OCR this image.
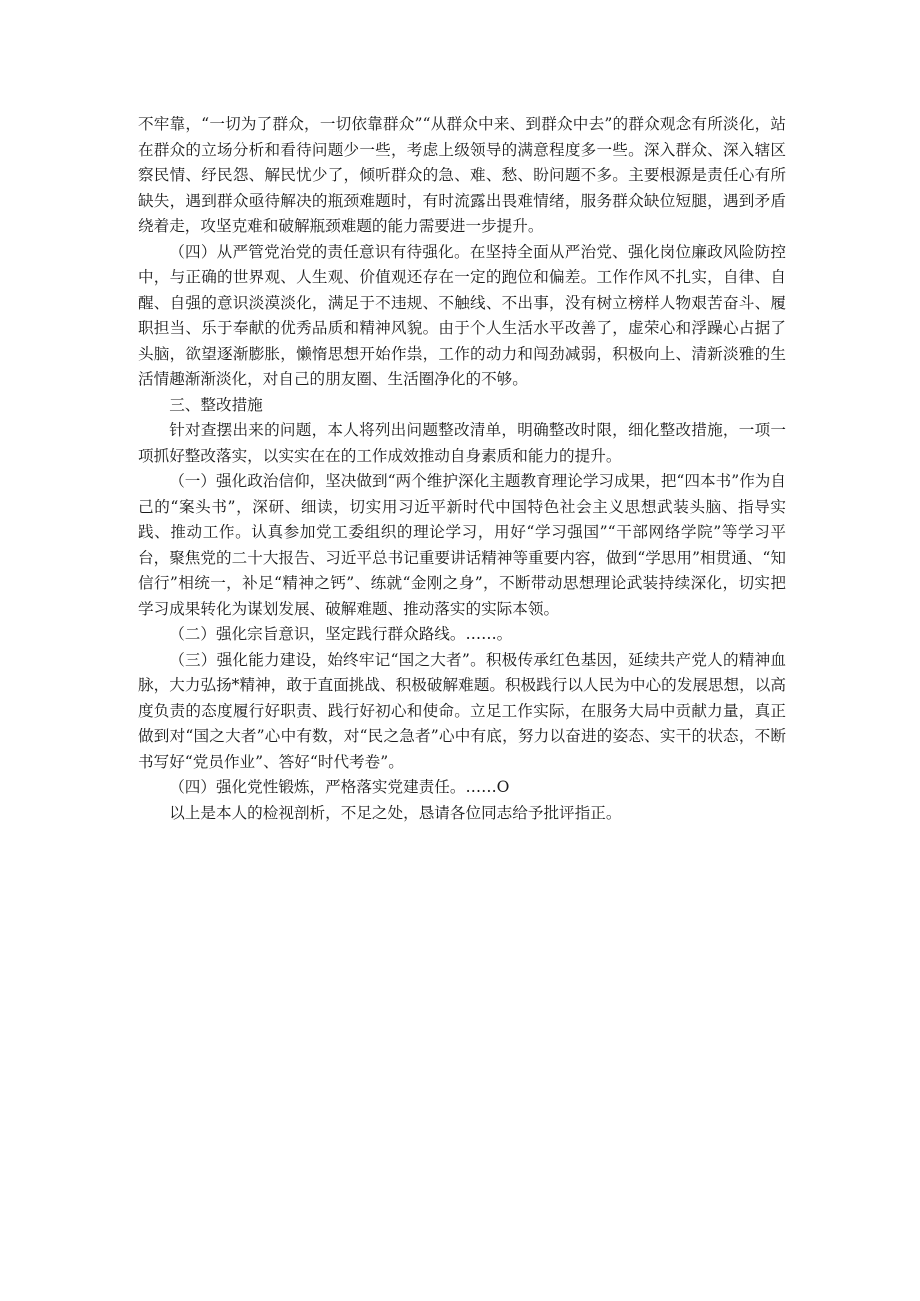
不牢靠，“一切为了群众，一切依靠群众”“从群众中来、到群众中去”的群众观念有所淡化，站在群众的立场分析和看待问题少一些，考虑上级领导的满意程度多一些。深入群众、深入辖区察民情、纾民怨、解民忧少了，倾听群众的急、难、愁、盼问题不多。主要根源是责任心有所缺失，遇到群众亟待解决的瓶颈难题时，有时流露出畏难情绪，服务群众缺位短腿，遇到矛盾绕着走，攻坚克难和破解瓶颈难题的能力需要进一步提升。

（四）从严管党治党的责任意识有待强化。在坚持全面从严治党、强化岗位廉政风险防控中，与正确的世界观、人生观、价值观还存在一定的跑位和偏差。工作作风不扎实，自律、自醒、自强的意识淡漠淡化，满足于不违规、不触线、不出事，没有树立榜样人物艰苦奋斗、履职担当、乐于奉献的优秀品质和精神风貌。由于个人生活水平改善了，虚荣心和浮躁心占据了头脑，欲望逐渐膨胀，懒惰思想开始作祟，工作的动力和闯劲减弱，积极向上、清新淡雅的生活情趣渐渐淡化，对自己的朋友圈、生活圈净化的不够。

三、整改措施

针对查摆出来的问题，本人将列出问题整改清单，明确整改时限，细化整改措施，一项一项抓好整改落实，以实实在在的工作成效推动自身素质和能力的提升。

（一）强化政治信仰，坚决做到“两个维护深化主题教育理论学习成果，把“四本书”作为自己的“案头书”，深研、细读，切实用习近平新时代中国特色社会主义思想武装头脑、指导实践、推动工作。认真参加党工委组织的理论学习，用好“学习强国”“干部网络学院”等学习平台，聚焦党的二十大报告、习近平总书记重要讲话精神等重要内容，做到“学思用”相贯通、“知信行”相统一，补足“精神之钙”、练就“金刚之身”，不断带动思想理论武装持续深化，切实把学习成果转化为谋划发展、破解难题、推动落实的实际本领。

（二）强化宗旨意识，坚定践行群众路线。……。

（三）强化能力建设，始终牢记“国之大者”。积极传承红色基因，延续共产党人的精神血脉，大力弘扬*精神，敢于直面挑战、积极破解难题。积极践行以人民为中心的发展思想，以高度负责的态度履行好职责、践行好初心和使命。立足工作实际，在服务大局中贡献力量，真正做到对“国之大者”心中有数，对“民之急者”心中有底，努力以奋进的姿态、实干的状态，不断书写好“党员作业”、答好“时代考卷”。

（四）强化党性锻炼，严格落实党建责任。……O

以上是本人的检视剖析，不足之处，恳请各位同志给予批评指正。
